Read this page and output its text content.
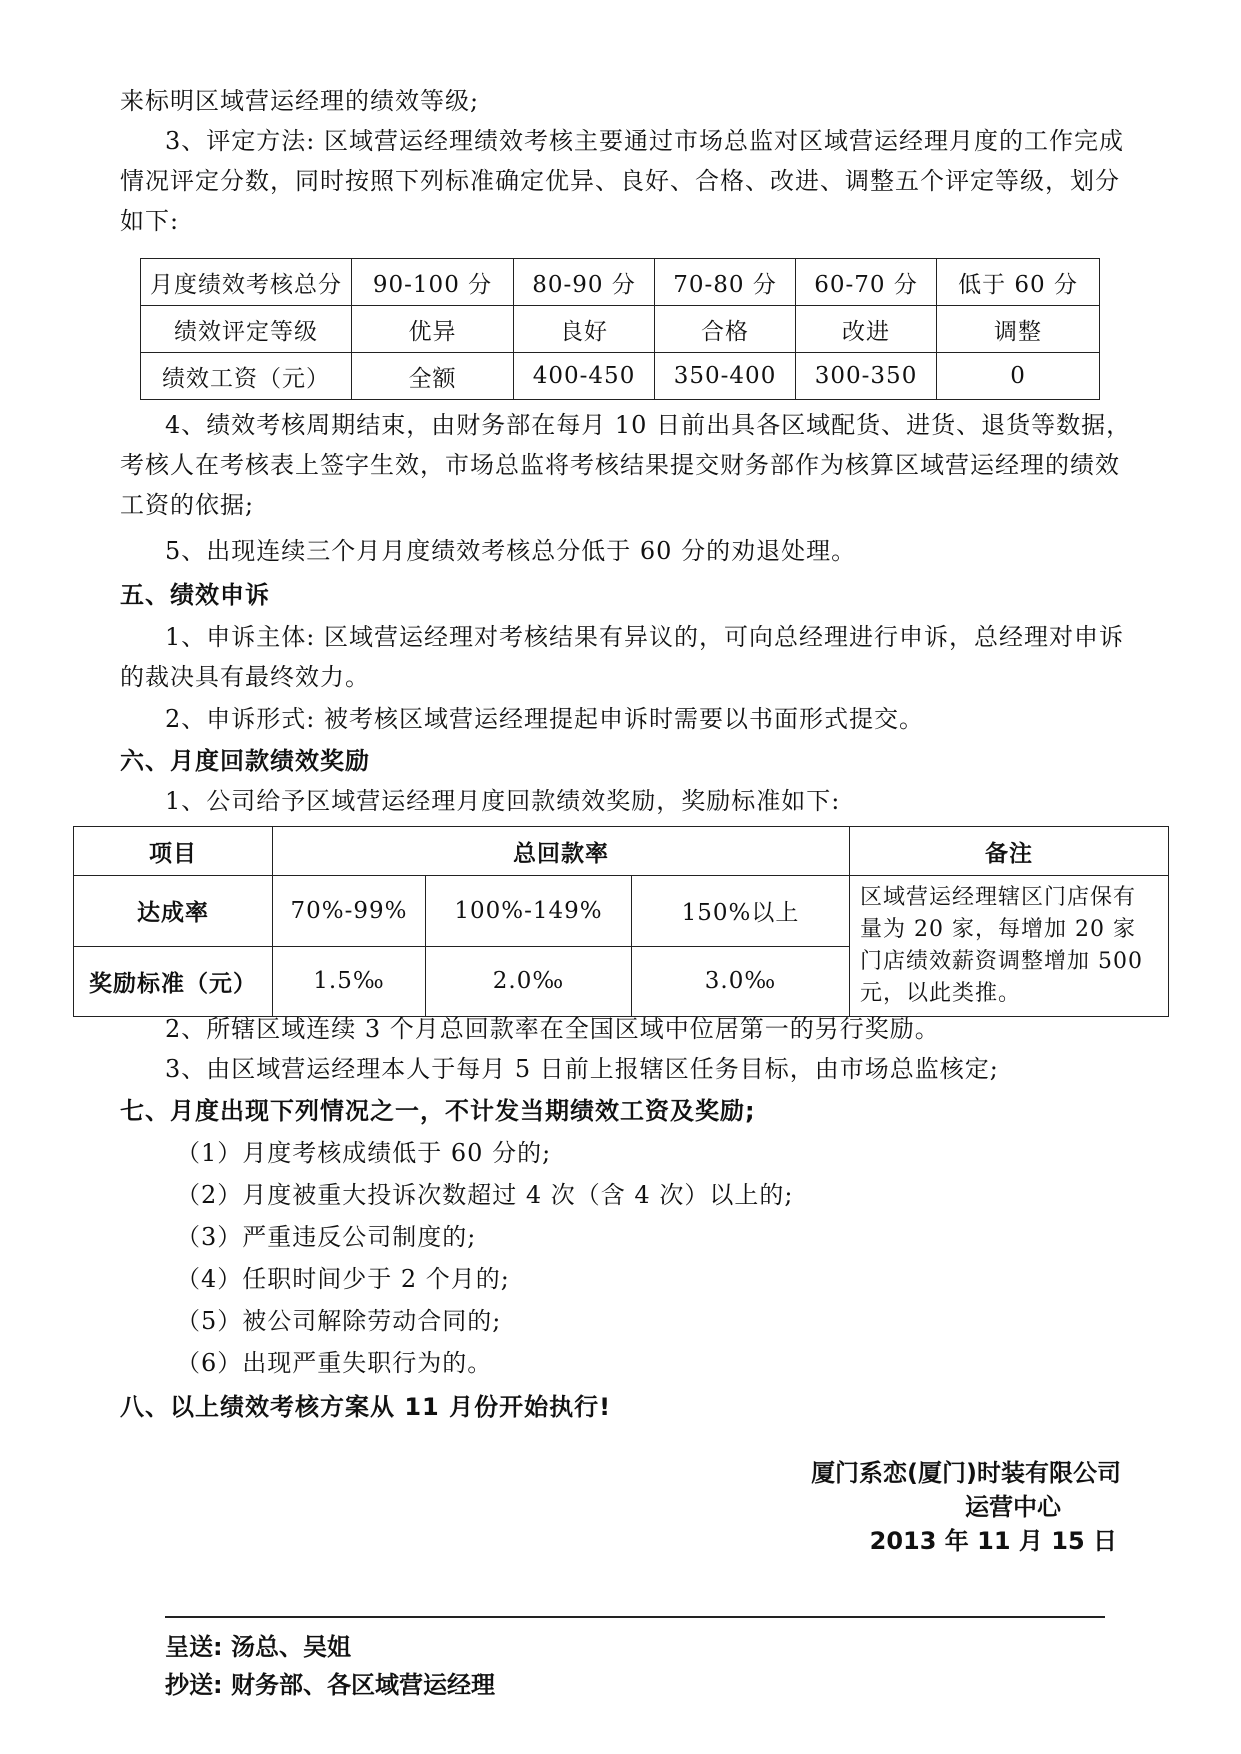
来标明区域营运经理的绩效等级;
3、评定方法: 区域营运经理绩效考核主要通过市场总监对区域营运经理月度的工作完成
情况评定分数，同时按照下列标准确定优异、良好、合格、改进、调整五个评定等级，划分
如下:
月度绩效考核总分	90-100 分	80-90 分	70-80 分	60-70 分	低于 60 分
绩效评定等级	优异	良好	合格	改进	调整
绩效工资（元）	全额	400-450	350-400	300-350	0
4、绩效考核周期结束，由财务部在每月 10 日前出具各区域配货、进货、退货等数据，
考核人在考核表上签字生效，市场总监将考核结果提交财务部作为核算区域营运经理的绩效
工资的依据;
5、出现连续三个月月度绩效考核总分低于 60 分的劝退处理。
五、绩效申诉
1、申诉主体: 区域营运经理对考核结果有异议的，可向总经理进行申诉，总经理对申诉
的裁决具有最终效力。
2、申诉形式: 被考核区域营运经理提起申诉时需要以书面形式提交。
六、月度回款绩效奖励
1、公司给予区域营运经理月度回款绩效奖励，奖励标准如下:
项目	总回款率			备注
达成率	70%-99%	100%-149%	150%以上	区域营运经理辖区门店保有量为 20 家，每增加 20 家门店绩效薪资调整增加 500 元，以此类推。
奖励标准（元）	1.5‰	2.0‰	3.0‰	
2、所辖区域连续 3 个月总回款率在全国区域中位居第一的另行奖励。
3、由区域营运经理本人于每月 5 日前上报辖区任务目标，由市场总监核定;
七、月度出现下列情况之一，不计发当期绩效工资及奖励;
（1）月度考核成绩低于 60 分的;
（2）月度被重大投诉次数超过 4 次（含 4 次）以上的;
（3）严重违反公司制度的;
（4）任职时间少于 2 个月的;
（5）被公司解除劳动合同的;
（6）出现严重失职行为的。
八、以上绩效考核方案从 11 月份开始执行!
厦门系恋(厦门)时装有限公司
运营中心
2013 年 11 月 15 日
呈送: 汤总、吴姐
抄送: 财务部、各区域营运经理
